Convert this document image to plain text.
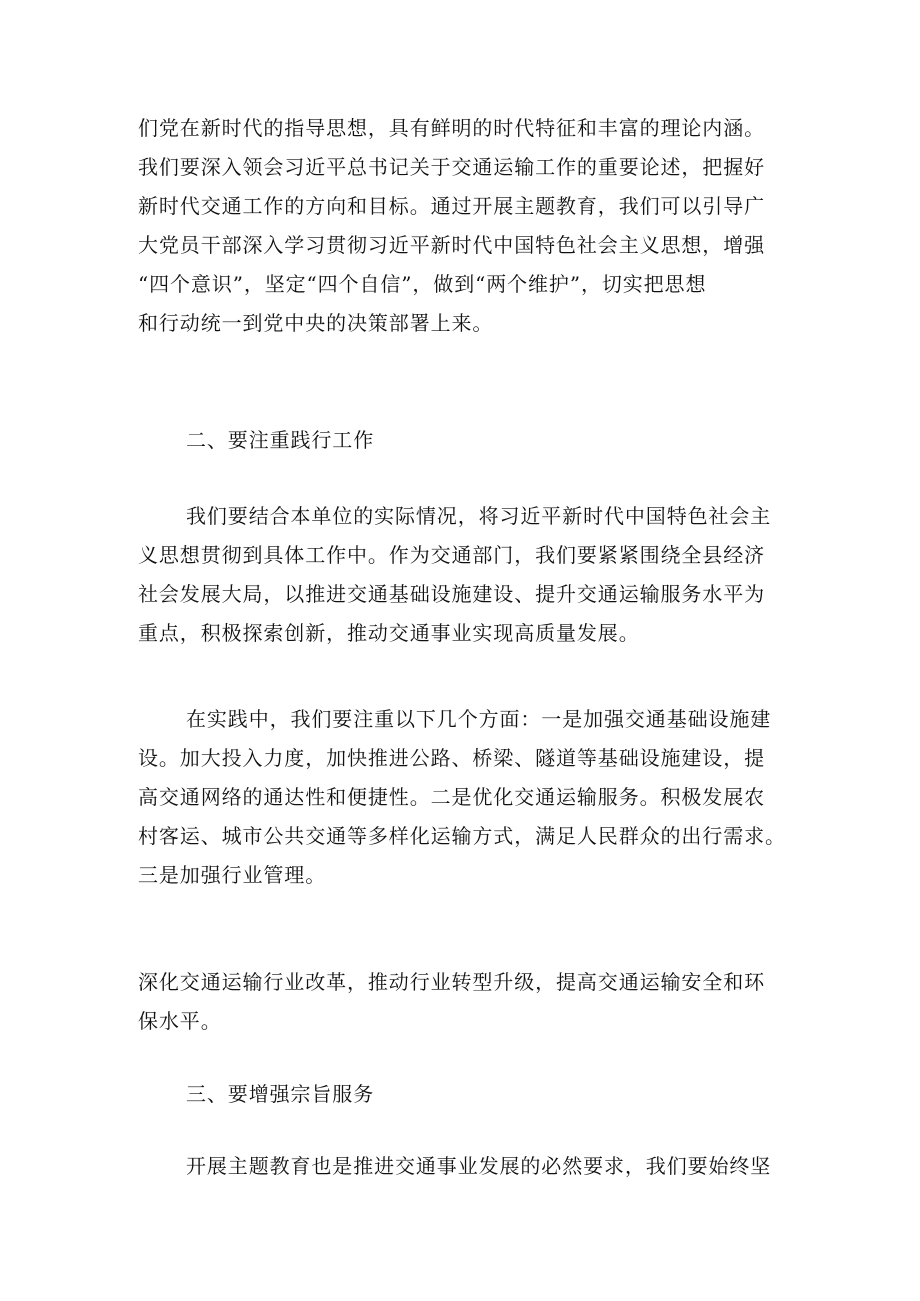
们党在新时代的指导思想，具有鲜明的时代特征和丰富的理论内涵。
我们要深入领会习近平总书记关于交通运输工作的重要论述，把握好
新时代交通工作的方向和目标。通过开展主题教育，我们可以引导广
大党员干部深入学习贯彻习近平新时代中国特色社会主义思想，增强
“四个意识”，坚定“四个自信”，做到“两个维护”，切实把思想
和行动统一到党中央的决策部署上来。
二、要注重践行工作
我们要结合本单位的实际情况，将习近平新时代中国特色社会主
义思想贯彻到具体工作中。作为交通部门，我们要紧紧围绕全县经济
社会发展大局，以推进交通基础设施建设、提升交通运输服务水平为
重点，积极探索创新，推动交通事业实现高质量发展。
在实践中，我们要注重以下几个方面：一是加强交通基础设施建
设。加大投入力度，加快推进公路、桥梁、隧道等基础设施建设，提
高交通网络的通达性和便捷性。二是优化交通运输服务。积极发展农
村客运、城市公共交通等多样化运输方式，满足人民群众的出行需求。
三是加强行业管理。
深化交通运输行业改革，推动行业转型升级，提高交通运输安全和环
保水平。
三、要增强宗旨服务
开展主题教育也是推进交通事业发展的必然要求，我们要始终坚
